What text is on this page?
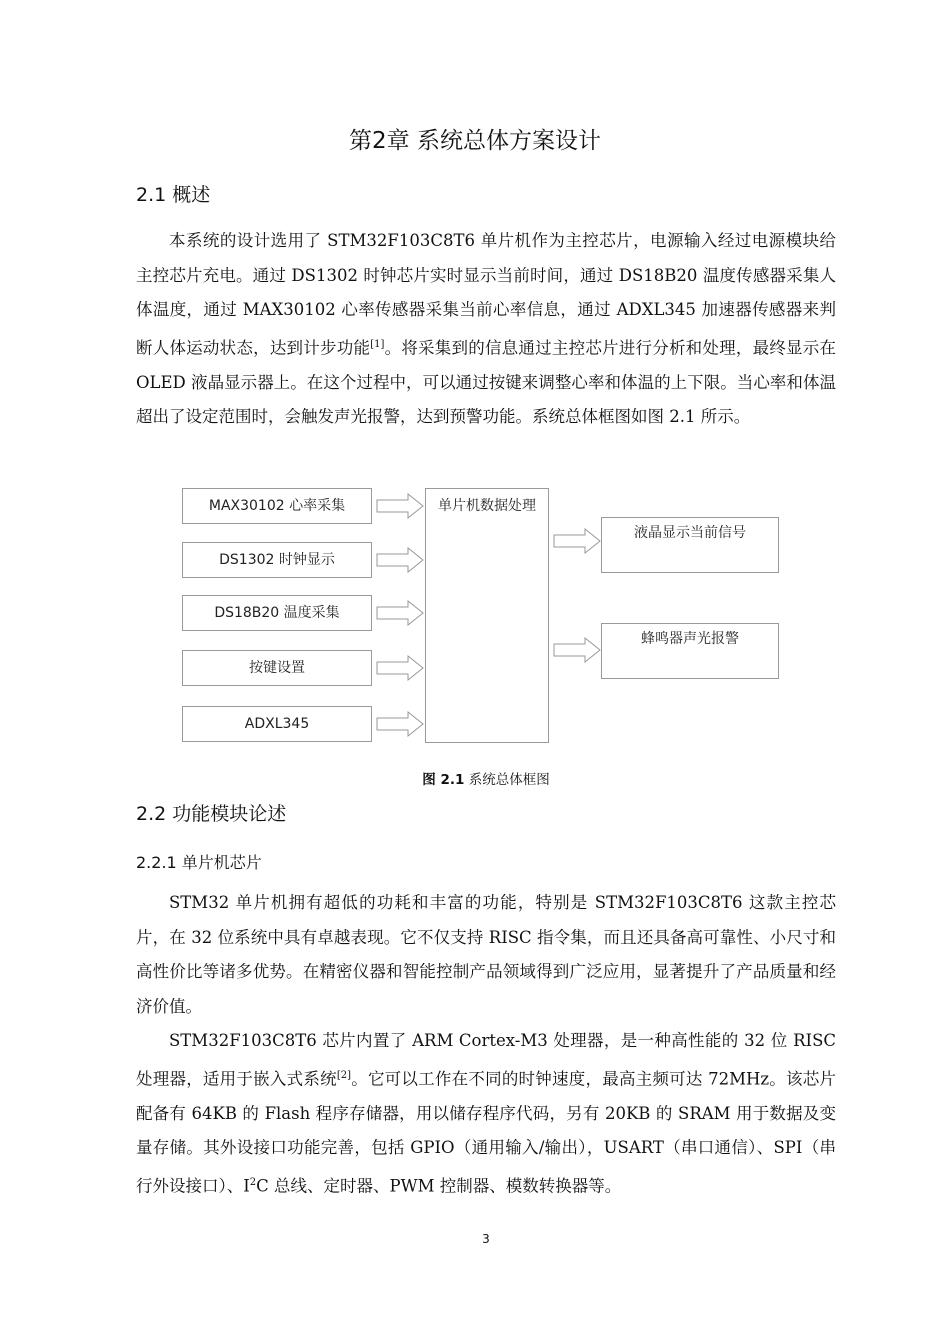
第2章 系统总体方案设计
2.1 概述

本系统的设计选用了 STM32F103C8T6 单片机作为主控芯片，电源输入经过电源模块给主控芯片充电。通过 DS1302 时钟芯片实时显示当前时间，通过 DS18B20 温度传感器采集人体温度，通过 MAX30102 心率传感器采集当前心率信息，通过 ADXL345 加速器传感器来判断人体运动状态，达到计步功能[1]。将采集到的信息通过主控芯片进行分析和处理，最终显示在 OLED 液晶显示器上。在这个过程中，可以通过按键来调整心率和体温的上下限。当心率和体温超出了设定范围时，会触发声光报警，达到预警功能。系统总体框图如图 2.1 所示。

MAX30102 心率采集
DS1302 时钟显示
DS18B20 温度采集
按键设置
ADXL345
单片机数据处理
液晶显示当前信号
蜂鸣器声光报警
图 2.1 系统总体框图
2.2 功能模块论述
2.2.1 单片机芯片

STM32 单片机拥有超低的功耗和丰富的功能，特别是 STM32F103C8T6 这款主控芯片，在 32 位系统中具有卓越表现。它不仅支持 RISC 指令集，而且还具备高可靠性、小尺寸和高性价比等诸多优势。在精密仪器和智能控制产品领域得到广泛应用，显著提升了产品质量和经济价值。

STM32F103C8T6 芯片内置了 ARM Cortex-M3 处理器，是一种高性能的 32 位 RISC 处理器，适用于嵌入式系统[2]。它可以工作在不同的时钟速度，最高主频可达 72MHz。该芯片配备有 64KB 的 Flash 程序存储器，用以储存程序代码，另有 20KB 的 SRAM 用于数据及变量存储。其外设接口功能完善，包括 GPIO（通用输入/输出），USART（串口通信）、SPI（串行外设接口）、$I^2C$ 总线、定时器、PWM 控制器、模数转换器等。

3
